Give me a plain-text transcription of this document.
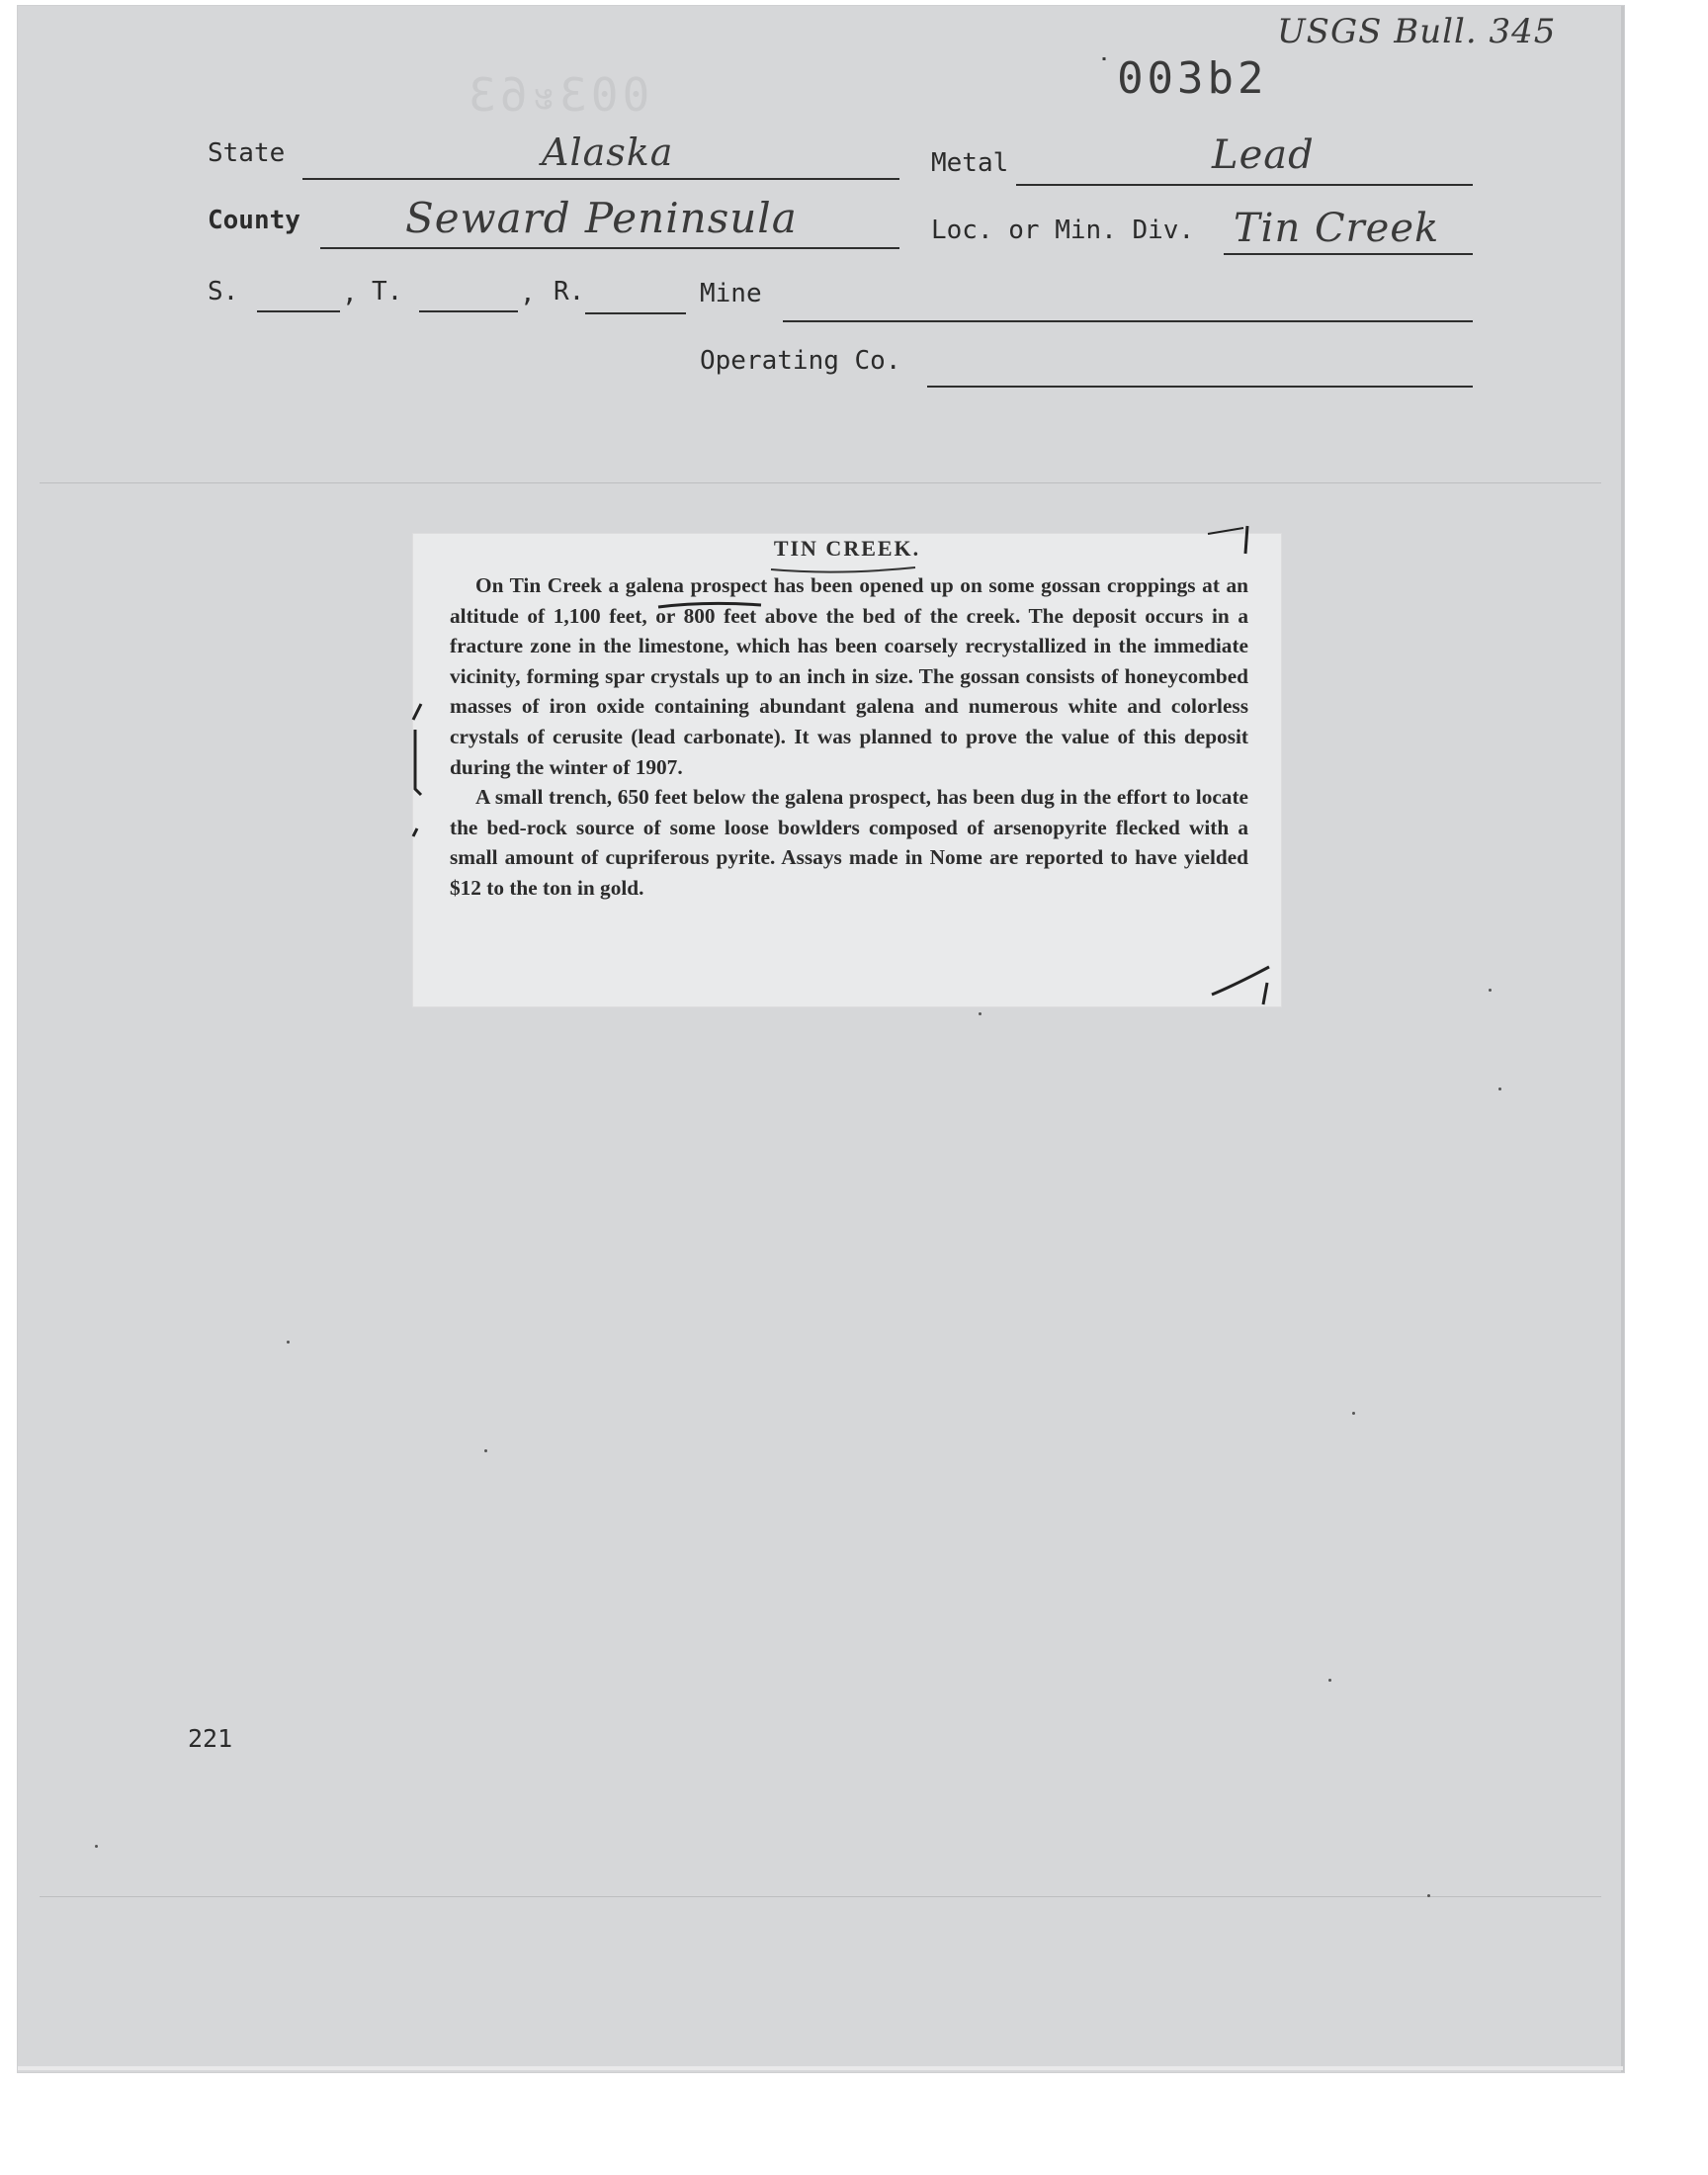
USGS Bull. 345
003ะ63	˙003b2
State	Alaska	Metal	Lead
County	Seward Peninsula	Loc. or Min. Div. Tin Creek
S.	, T.	, R.	Mine
Operating Co.
TIN CREEK.

On Tin Creek a galena prospect has been opened up on some gossan croppings at an altitude of 1,100 feet, or 800 feet above the bed of the creek. The deposit occurs in a fracture zone in the limestone, which has been coarsely recrystallized in the immediate vicinity, forming spar crystals up to an inch in size. The gossan consists of honeycombed masses of iron oxide containing abundant galena and numerous white and colorless crystals of cerusite (lead carbonate). It was planned to prove the value of this deposit during the winter of 1907.

A small trench, 650 feet below the galena prospect, has been dug in the effort to locate the bed-rock source of some loose bowlders composed of arsenopyrite flecked with a small amount of cupriferous pyrite. Assays made in Nome are reported to have yielded $12 to the ton in gold.

221
